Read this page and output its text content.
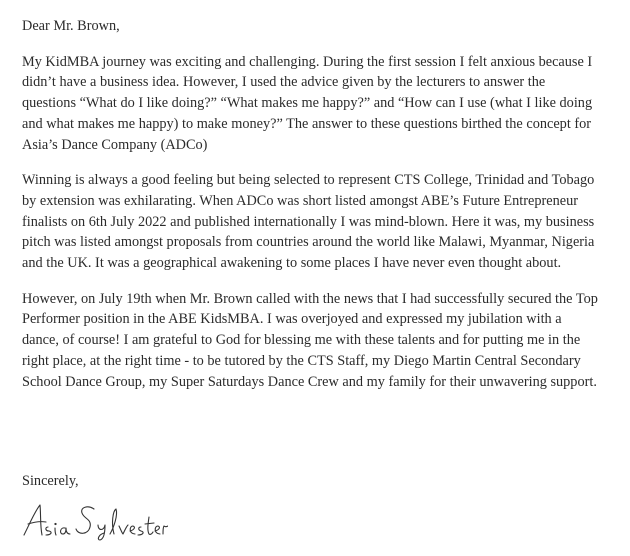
Dear Mr. Brown,

My KidMBA journey was exciting and challenging. During the first session I felt anxious because I didn’t have a business idea. However, I used the advice given by the lecturers to answer the questions “What do I like doing?” “What makes me happy?” and “How can I use (what I like doing and what makes me happy) to make money?” The answer to these questions birthed the concept for Asia’s Dance Company (ADCo)

Winning is always a good feeling but being selected to represent CTS College, Trinidad and Tobago by extension was exhilarating. When ADCo was short listed amongst ABE’s Future Entrepreneur finalists on 6th July 2022 and published internationally I was mind-blown. Here it was, my business pitch was listed amongst proposals from countries around the world like Malawi, Myanmar, Nigeria and the UK. It was a geographical awakening to some places I have never even thought about.

However, on July 19th when Mr. Brown called with the news that I had successfully secured the Top Performer position in the ABE KidsMBA. I was overjoyed and expressed my jubilation with a dance, of course! I am grateful to God for blessing me with these talents and for putting me in the right place, at the right time - to be tutored by the CTS Staff, my Diego Martin Central Secondary School Dance Group, my Super Saturdays Dance Crew and my family for their unwavering support.

Sincerely,
